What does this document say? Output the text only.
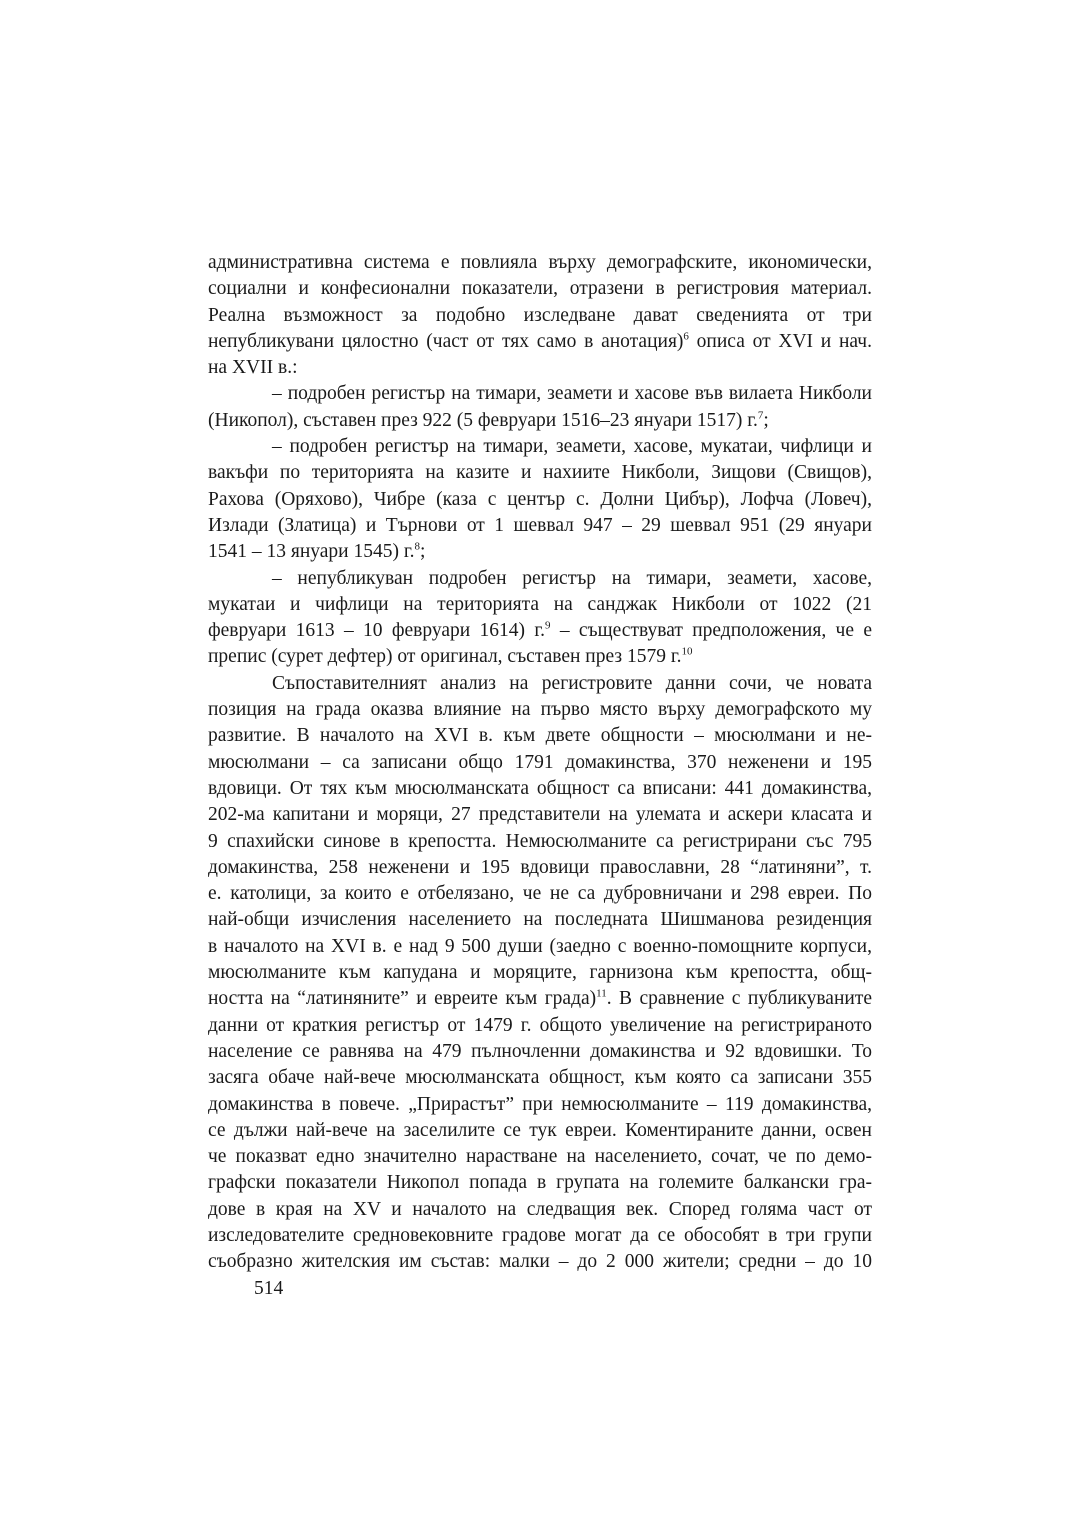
административна система е повлияла върху демографските, икономически,
социални и конфесионални показатели, отразени в регистровия материал.
Реална възможност за подобно изследване дават сведенията от три
непубликувани цялостно (част от тях само в анотация)$^6$ описа от XVI и нач.
на XVII в.:
– подробен регистър на тимари, зеамети и хасове във вилаета Никболи
(Никопол), съставен през 922 (5 февруари 1516–23 януари 1517) г.$^7$;
– подробен регистър на тимари, зеамети, хасове, мукатаи, чифлици и
вакъфи по територията на казите и нахиите Никболи, Зищови (Свищов),
Рахова (Оряхово), Чибре (каза с център с. Долни Цибър), Лофча (Ловеч),
Излади (Златица) и Търнови от 1 шеввал 947 – 29 шеввал 951 (29 януари
1541 – 13 януари 1545) г.$^8$;
– непубликуван подробен регистър на тимари, зеамети, хасове,
мукатаи и чифлици на територията на санджак Никболи от 1022 (21
февруари 1613 – 10 февруари 1614) г.$^9$ – съществуват предположения, че е
препис (сурет дефтер) от оригинал, съставен през 1579 г.$^{10}$
Съпоставителният анализ на регистровите данни сочи, че новата
позиция на града оказва влияние на първо място върху демографското му
развитие. В началото на XVI в. към двете общности – мюсюлмани и не-
мюсюлмани – са записани общо 1791 домакинства, 370 неженени и 195
вдовици. От тях към мюсюлманската общност са вписани: 441 домакинства,
202-ма капитани и моряци, 27 представители на улемата и аскери класата и
9 спахийски синове в крепостта. Немюсюлманите са регистрирани със 795
домакинства, 258 неженени и 195 вдовици православни, 28 “латиняни”, т.
е. католици, за които е отбелязано, че не са дубровничани и 298 евреи. По
най-общи изчисления населението на последната Шишманова резиденция
в началото на XVI в. е над 9 500 души (заедно с военно-помощните корпуси,
мюсюлманите към капудана и моряците, гарнизона към крепостта, общ-
ността на “латиняните” и евреите към града)$^{11}$. В сравнение с публикуваните
данни от краткия регистър от 1479 г. общото увеличение на регистрираното
население се равнява на 479 пълночленни домакинства и 92 вдовишки. То
засяга обаче най-вече мюсюлманската общност, към която са записани 355
домакинства в повече. „Прирастът” при немюсюлманите – 119 домакинства,
се дължи най-вече на заселилите се тук евреи. Коментираните данни, освен
че показват едно значително нарастване на населението, сочат, че по демо-
графски показатели Никопол попада в групата на големите балкански гра-
дове в края на XV и началото на следващия век. Според голяма част от
изследователите средновековните градове могат да се обособят в три групи
съобразно жителския им състав: малки – до 2 000 жители; средни – до 10
514
